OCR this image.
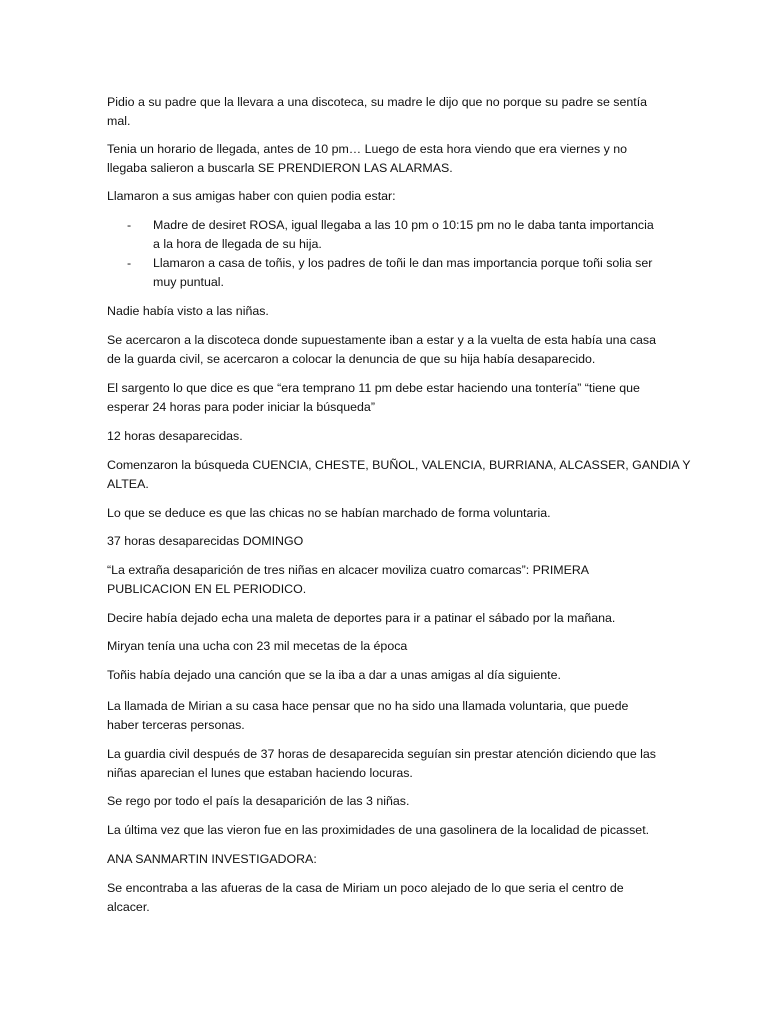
Pidio a su padre que la llevara a una discoteca, su madre le dijo que no porque su padre se sentía

mal.

Tenia un horario de llegada, antes de 10 pm… Luego de esta hora viendo que era viernes y no

llegaba salieron a buscarla SE PRENDIERON LAS ALARMAS.

Llamaron a sus amigas haber con quien podia estar:

- Madre de desiret ROSA, igual llegaba a las 10 pm o 10:15 pm no le daba tanta importancia
a la hora de llegada de su hija.
- Llamaron a casa de toñis, y los padres de toñi le dan mas importancia porque toñi solia ser
muy puntual.

Nadie había visto a las niñas.

Se acercaron a la discoteca donde supuestamente iban a estar y a la vuelta de esta había una casa

de la guarda civil, se acercaron a colocar la denuncia de que su hija había desaparecido.

El sargento lo que dice es que “era temprano 11 pm debe estar haciendo una tontería” “tiene que

esperar 24 horas para poder iniciar la búsqueda”

12 horas desaparecidas.

Comenzaron la búsqueda CUENCIA, CHESTE, BUÑOL, VALENCIA, BURRIANA, ALCASSER, GANDIA Y

ALTEA.

Lo que se deduce es que las chicas no se habían marchado de forma voluntaria.

37 horas desaparecidas DOMINGO

“La extraña desaparición de tres niñas en alcacer moviliza cuatro comarcas”: PRIMERA

PUBLICACION EN EL PERIODICO.

Decire había dejado echa una maleta de deportes para ir a patinar el sábado por la mañana.

Miryan tenía una ucha con 23 mil mecetas de la época

Toñis había dejado una canción que se la iba a dar a unas amigas al día siguiente.

La llamada de Mirian a su casa hace pensar que no ha sido una llamada voluntaria, que puede

haber terceras personas.

La guardia civil después de 37 horas de desaparecida seguían sin prestar atención diciendo que las

niñas aparecian el lunes que estaban haciendo locuras.

Se rego por todo el país la desaparición de las 3 niñas.

La última vez que las vieron fue en las proximidades de una gasolinera de la localidad de picasset.

ANA SANMARTIN INVESTIGADORA:

Se encontraba a las afueras de la casa de Miriam un poco alejado de lo que seria el centro de

alcacer.
